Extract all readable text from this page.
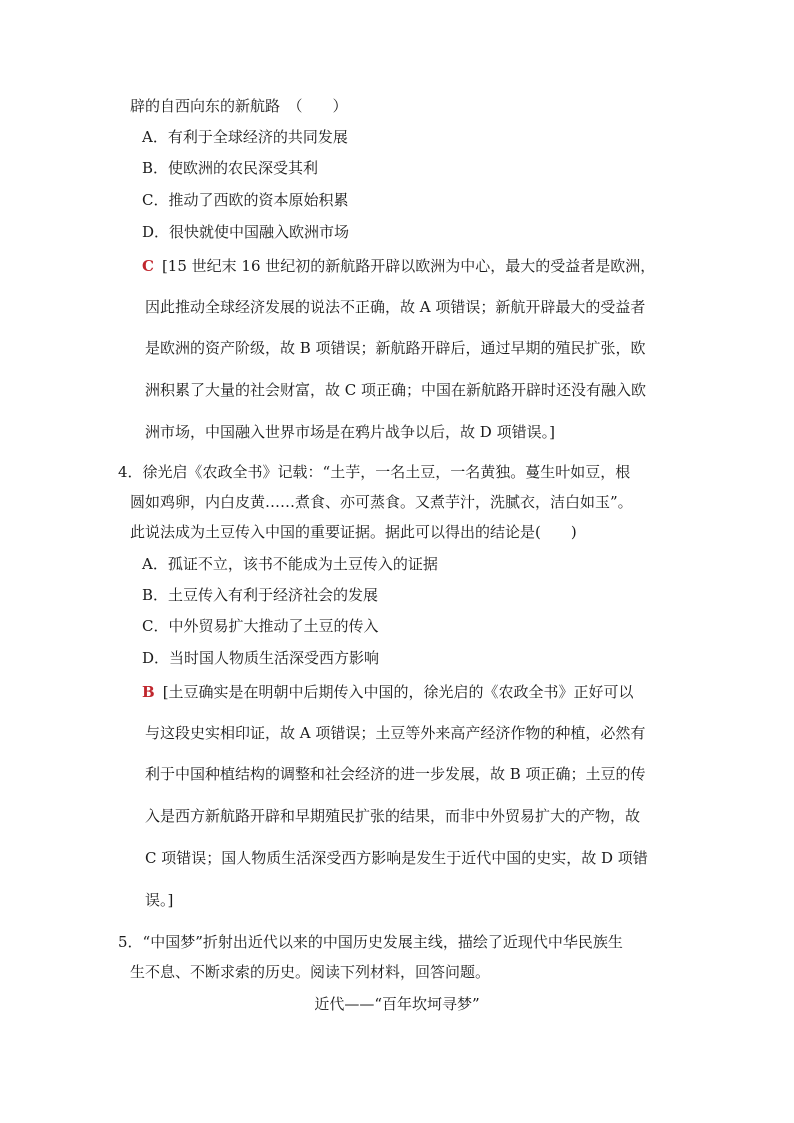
辟的自西向东的新航路　（　　）
A．有利于全球经济的共同发展
B．使欧洲的农民深受其利
C．推动了西欧的资本原始积累
D．很快就使中国融入欧洲市场
C [15 世纪末 16 世纪初的新航路开辟以欧洲为中心，最大的受益者是欧洲，
因此推动全球经济发展的说法不正确，故 A 项错误；新航开辟最大的受益者
是欧洲的资产阶级，故 B 项错误；新航路开辟后，通过早期的殖民扩张，欧
洲积累了大量的社会财富，故 C 项正确；中国在新航路开辟时还没有融入欧
洲市场，中国融入世界市场是在鸦片战争以后，故 D 项错误。]
4．徐光启《农政全书》记载：“土芋，一名土豆，一名黄独。蔓生叶如豆，根
圆如鸡卵，内白皮黄……煮食、亦可蒸食。又煮芋汁，洗腻衣，洁白如玉”。
此说法成为土豆传入中国的重要证据。据此可以得出的结论是(　　)
A．孤证不立，该书不能成为土豆传入的证据
B．土豆传入有利于经济社会的发展
C．中外贸易扩大推动了土豆的传入
D．当时国人物质生活深受西方影响
B [土豆确实是在明朝中后期传入中国的，徐光启的《农政全书》正好可以
与这段史实相印证，故 A 项错误；土豆等外来高产经济作物的种植，必然有
利于中国种植结构的调整和社会经济的进一步发展，故 B 项正确；土豆的传
入是西方新航路开辟和早期殖民扩张的结果，而非中外贸易扩大的产物，故
C 项错误；国人物质生活深受西方影响是发生于近代中国的史实，故 D 项错
误。]
5．“中国梦”折射出近代以来的中国历史发展主线，描绘了近现代中华民族生
生不息、不断求索的历史。阅读下列材料，回答问题。
近代——“百年坎坷寻梦”
